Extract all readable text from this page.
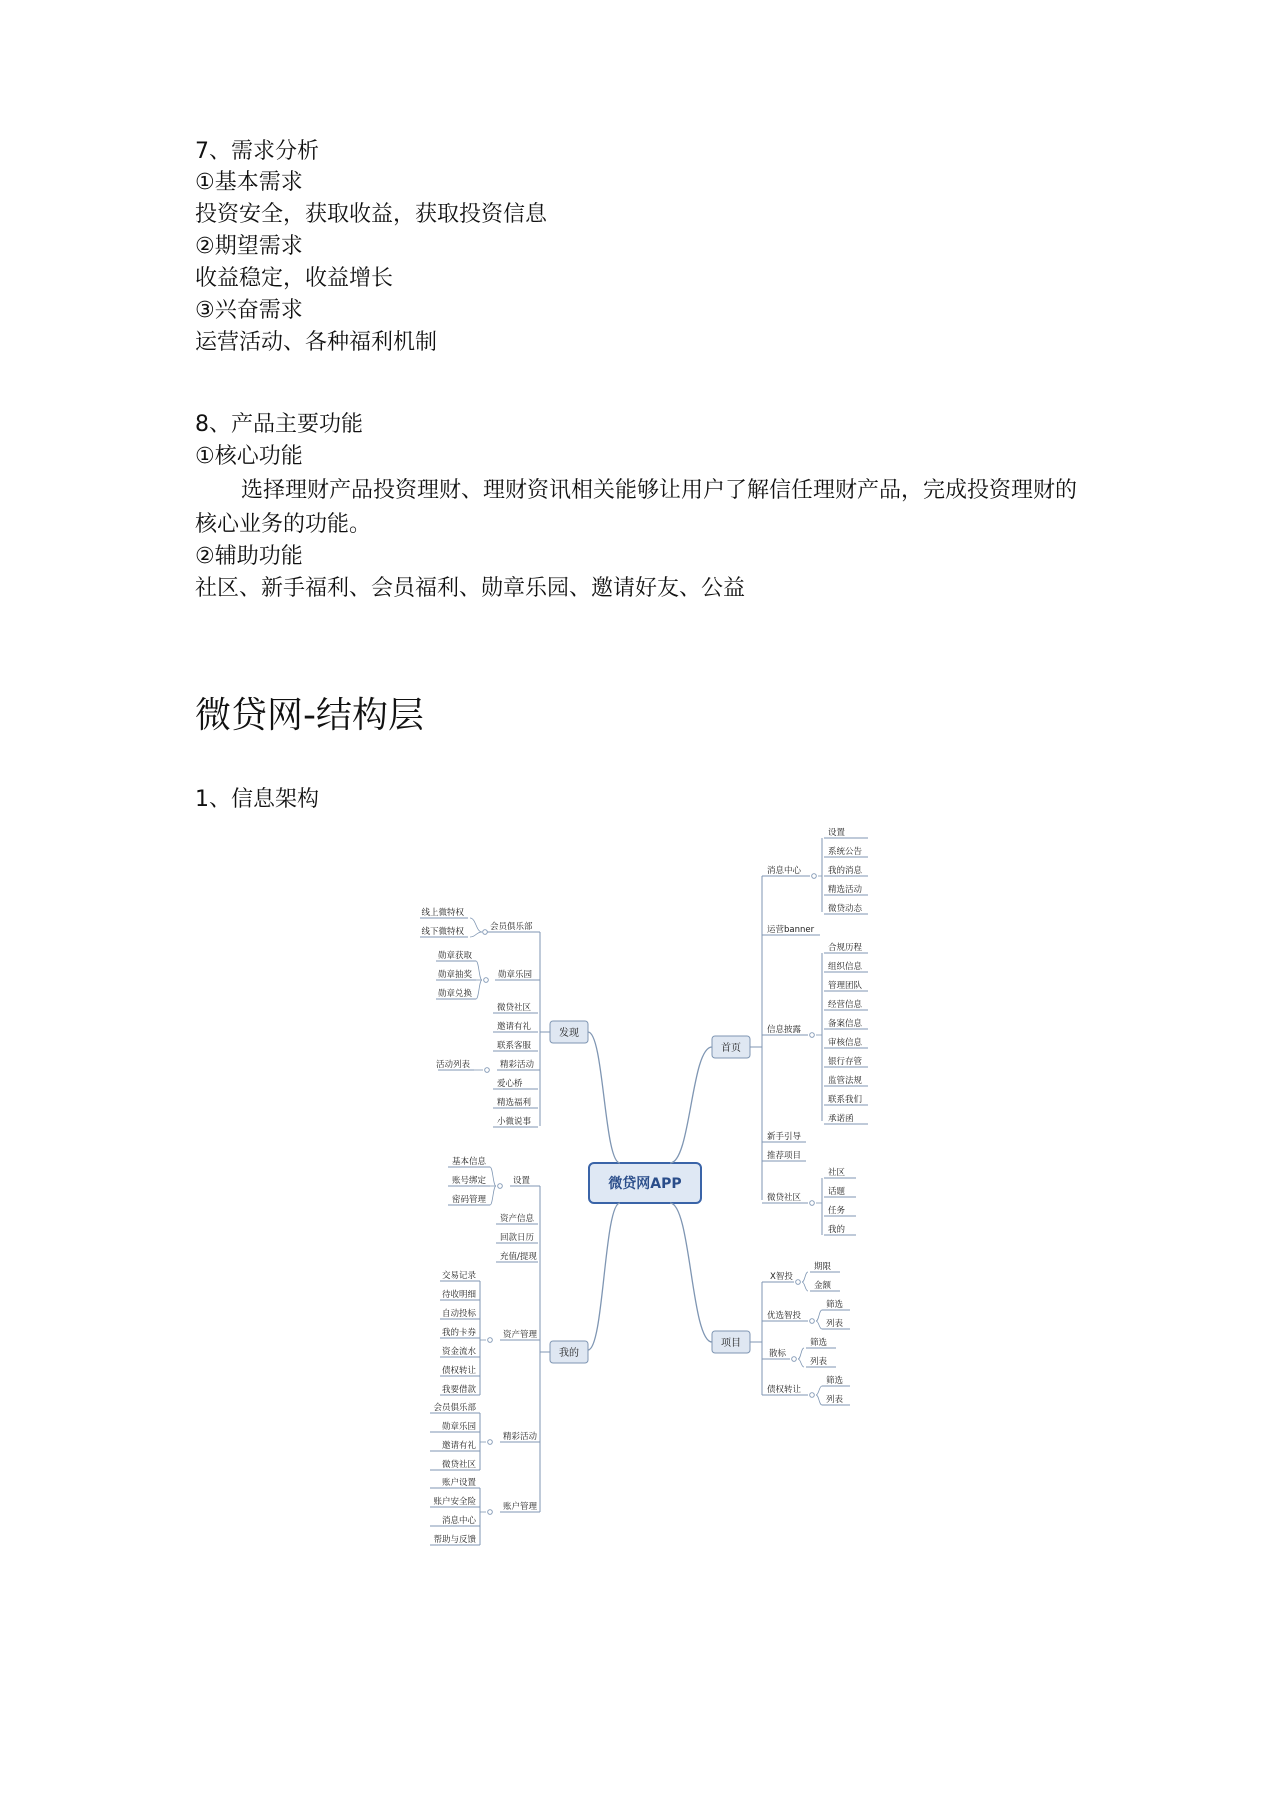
7、需求分析
①基本需求
投资安全，获取收益，获取投资信息
②期望需求
收益稳定，收益增长
③兴奋需求
运营活动、各种福利机制
8、产品主要功能
①核心功能
选择理财产品投资理财、理财资讯相关能够让用户了解信任理财产品，完成投资理财的核心业务的功能。
②辅助功能
社区、新手福利、会员福利、勋章乐园、邀请好友、公益
微贷网-结构层
1、信息架构
微贷网APP
发现
会员俱乐部
线上微特权
线下微特权
勋章乐园
勋章获取
勋章抽奖
勋章兑换
微贷社区
邀请有礼
联系客服
精彩活动
活动列表
爱心桥
精选福利
小微说事
我的
设置
基本信息
账号绑定
密码管理
资产信息
回款日历
充值/提现
资产管理
交易记录
待收明细
自动投标
我的卡券
资金流水
债权转让
我要借款
精彩活动
会员俱乐部
勋章乐园
邀请有礼
微贷社区
账户管理
账户设置
账户安全险
消息中心
帮助与反馈
首页
消息中心
设置
系统公告
我的消息
精选活动
微贷动态
运营banner
信息披露
合规历程
组织信息
管理团队
经营信息
备案信息
审核信息
银行存管
监管法规
联系我们
承诺函
新手引导
推荐项目
微贷社区
社区
话题
任务
我的
项目
X智投
期限
金额
优选智投
筛选
列表
散标
筛选
列表
债权转让
筛选
列表
